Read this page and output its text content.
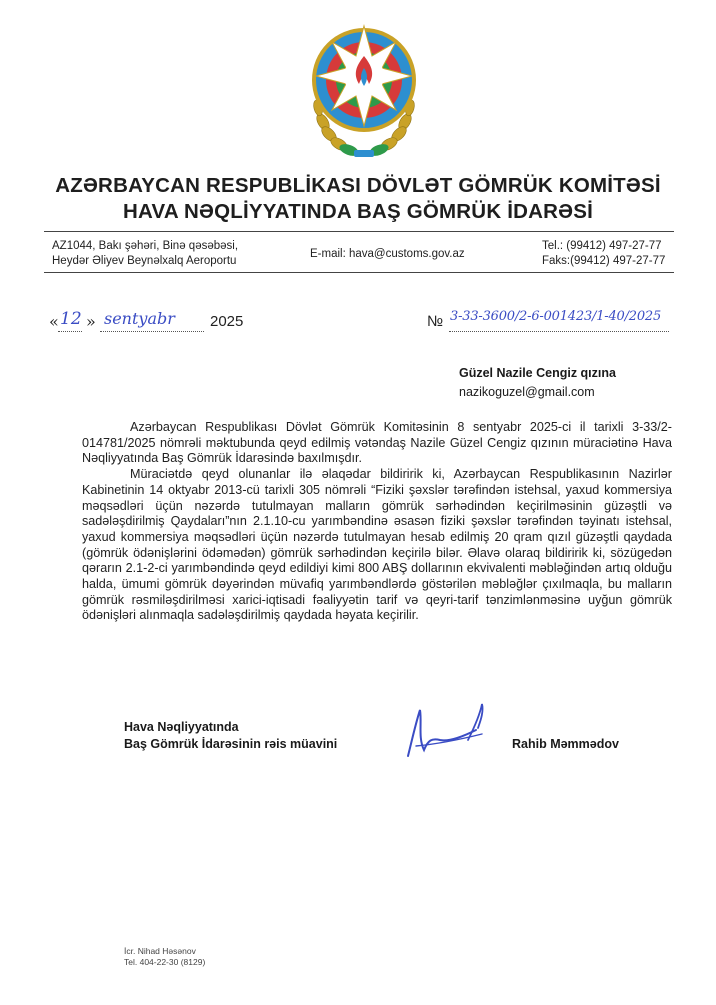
AZƏRBAYCAN RESPUBLİKASI DÖVLƏT GÖMRÜK KOMİTƏSİ
HAVA NƏQLİYYATINDA BAŞ GÖMRÜK İDARƏSİ
AZ1044, Bakı şəhəri, Binə qəsəbəsi,
Heydər Əliyev Beynəlxalq Aeroportu
E-mail: hava@customs.gov.az
Tel.: (99412) 497-27-77
Faks:(99412) 497-27-77
« 12 » sentyabr 2025	№ 3-33-3600/2-6-001423/1-40/2025
Güzel Nazile Cengiz qızına
nazikoguzel@gmail.com

Azərbaycan Respublikası Dövlət Gömrük Komitəsinin 8 sentyabr 2025-ci il tarixli 3-33/2-014781/2025 nömrəli məktubunda qeyd edilmiş vətəndaş Nazile Güzel Cengiz qızının müraciətinə Hava Nəqliyyatında Baş Gömrük İdarəsində baxılmışdır.

Müraciətdə qeyd olunanlar ilə əlaqədar bildiririk ki, Azərbaycan Respublikasının Nazirlər Kabinetinin 14 oktyabr 2013-cü tarixli 305 nömrəli “Fiziki şəxslər tərəfindən istehsal, yaxud kommersiya məqsədləri üçün nəzərdə tutulmayan malların gömrük sərhədindən keçirilməsinin güzəştli və sadələşdirilmiş Qaydaları”nın 2.1.10-cu yarımbəndinə əsasən fiziki şəxslər tərəfindən təyinatı istehsal, yaxud kommersiya məqsədləri üçün nəzərdə tutulmayan hesab edilmiş 20 qram qızıl güzəştli qaydada (gömrük ödənişlərini ödəmədən) gömrük sərhədindən keçirilə bilər. Əlavə olaraq bildiririk ki, sözügedən qərarın 2.1-2-ci yarımbəndində qeyd edildiyi kimi 800 ABŞ dollarının ekvivalenti məbləğindən artıq olduğu halda, ümumi gömrük dəyərindən müvafiq yarımbəndlərdə göstərilən məbləğlər çıxılmaqla, bu malların gömrük rəsmiləşdirilməsi xarici-iqtisadi fəaliyyətin tarif və qeyri-tarif tənzimlənməsinə uyğun gömrük ödənişləri alınmaqla sadələşdirilmiş qaydada həyata keçirilir.

Hava Nəqliyyatında
Baş Gömrük İdarəsinin rəis müavini	Rahib Məmmədov
İcr. Nihad Həsənov
Tel. 404-22-30 (8129)
